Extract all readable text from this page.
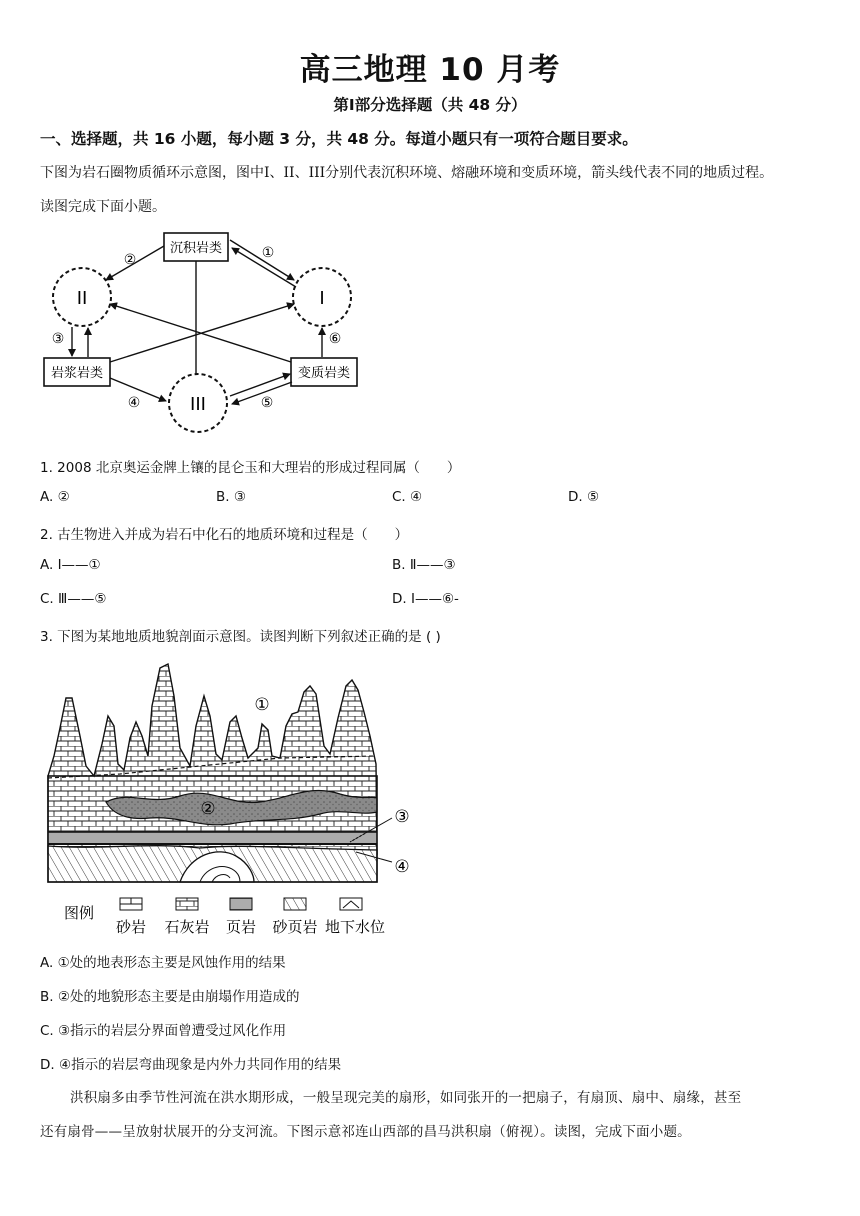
高三地理 10 月考
第Ⅰ部分选择题（共 48 分）
一、选择题，共 16 小题，每小题 3 分，共 48 分。每道小题只有一项符合题目要求。
下图为岩石圈物质循环示意图，图中I、II、III分别代表沉积环境、熔融环境和变质环境，箭头线代表不同的地质过程。
读图完成下面小题。
沉积岩类
岩浆岩类	变质岩类
II	I
III
②	①
③	⑥
④	⑤
1. 2008 北京奥运金牌上镶的昆仑玉和大理岩的形成过程同属（　　）
A. ②	B. ③	C. ④	D. ⑤
2. 古生物进入并成为岩石中化石的地质环境和过程是（　　）
A. I——①	B. Ⅱ——③
C. Ⅲ——⑤	D. I——⑥-
3. 下图为某地地质地貌剖面示意图。读图判断下列叙述正确的是 ( )
①
②	③
④
图例
砂岩 石灰岩 页岩 砂页岩 地下水位
A. ①处的地表形态主要是风蚀作用的结果
B. ②处的地貌形态主要是由崩塌作用造成的
C. ③指示的岩层分界面曾遭受过风化作用
D. ④指示的岩层弯曲现象是内外力共同作用的结果
洪积扇多由季节性河流在洪水期形成，一般呈现完美的扇形，如同张开的一把扇子，有扇顶、扇中、扇缘，甚至
还有扇骨——呈放射状展开的分支河流。下图示意祁连山西部的昌马洪积扇（俯视）。读图，完成下面小题。
